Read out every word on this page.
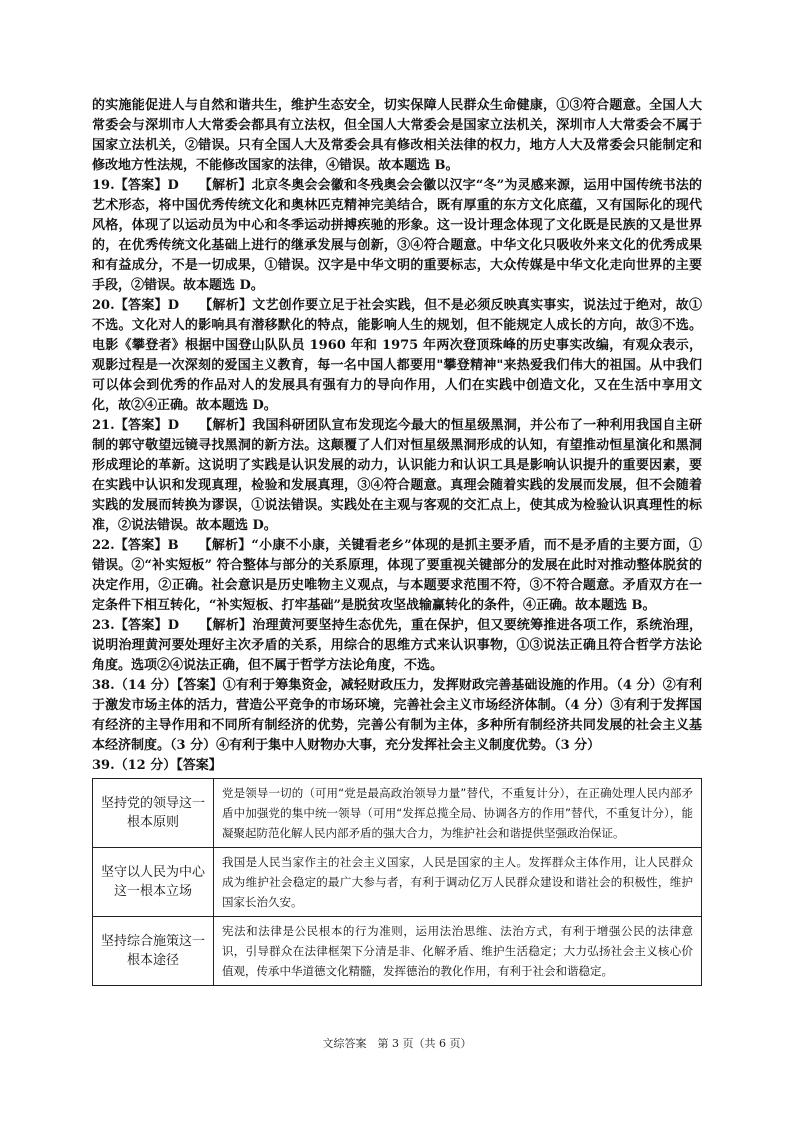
的实施能促进人与自然和谐共生，维护生态安全，切实保障人民群众生命健康，①③符合题意。全国人大常委会与深圳市人大常委会都具有立法权，但全国人大常委会是国家立法机关，深圳市人大常委会不属于国家立法机关，②错误。只有全国人大及常委会具有修改相关法律的权力，地方人大及常委会只能制定和修改地方性法规，不能修改国家的法律，④错误。故本题选 B。

19.【答案】D　　【解析】北京冬奥会会徽和冬残奥会会徽以汉字“冬”为灵感来源，运用中国传统书法的艺术形态，将中国优秀传统文化和奥林匹克精神完美结合，既有厚重的东方文化底蕴，又有国际化的现代风格，体现了以运动员为中心和冬季运动拼搏疾驰的形象。这一设计理念体现了文化既是民族的又是世界的，在优秀传统文化基础上进行的继承发展与创新，③④符合题意。中华文化只吸收外来文化的优秀成果和有益成分，不是一切成果，①错误。汉字是中华文明的重要标志，大众传媒是中华文化走向世界的主要手段，②错误。故本题选 D。

20.【答案】D　　【解析】文艺创作要立足于社会实践，但不是必须反映真实事实，说法过于绝对，故①不选。文化对人的影响具有潜移默化的特点，能影响人生的规划，但不能规定人成长的方向，故③不选。电影《攀登者》根据中国登山队队员 1960 年和 1975 年两次登顶珠峰的历史事实改编，有观众表示，观影过程是一次深刻的爱国主义教育，每一名中国人都要用"攀登精神"来热爱我们伟大的祖国。从中我们可以体会到优秀的作品对人的发展具有强有力的导向作用，人们在实践中创造文化，又在生活中享用文化，故②④正确。故本题选 D。

21.【答案】D　　【解析】我国科研团队宣布发现迄今最大的恒星级黑洞，并公布了一种利用我国自主研制的郭守敬望远镜寻找黑洞的新方法。这颠覆了人们对恒星级黑洞形成的认知，有望推动恒星演化和黑洞形成理论的革新。这说明了实践是认识发展的动力，认识能力和认识工具是影响认识提升的重要因素，要在实践中认识和发现真理，检验和发展真理，③④符合题意。真理会随着实践的发展而发展，但不会随着实践的发展而转换为谬误，①说法错误。实践处在主观与客观的交汇点上，使其成为检验认识真理性的标准，②说法错误。故本题选 D。

22.【答案】B　　【解析】“小康不小康，关键看老乡”体现的是抓主要矛盾，而不是矛盾的主要方面，①错误。②“补实短板” 符合整体与部分的关系原理，体现了要重视关键部分的发展在此时对推动整体脱贫的决定作用，②正确。社会意识是历史唯物主义观点，与本题要求范围不符，③不符合题意。矛盾双方在一定条件下相互转化，“补实短板、打牢基础”是脱贫攻坚战输赢转化的条件，④正确。故本题选 B。

23.【答案】D　　【解析】治理黄河要坚持生态优先，重在保护，但又要统筹推进各项工作，系统治理，说明治理黄河要处理好主次矛盾的关系，用综合的思维方式来认识事物，①③说法正确且符合哲学方法论角度。选项②④说法正确，但不属于哲学方法论角度，不选。

38.（14 分）【答案】①有利于筹集资金，减轻财政压力，发挥财政完善基础设施的作用。（4 分）②有利于激发市场主体的活力，营造公平竞争的市场环境，完善社会主义市场经济体制。（4 分）③有利于发挥国有经济的主导作用和不同所有制经济的优势，完善公有制为主体，多种所有制经济共同发展的社会主义基本经济制度。（3 分）④有利于集中人财物办大事，充分发挥社会主义制度优势。（3 分）

39.（12 分）【答案】

坚持党的领导这一根本原则	党是领导一切的（可用“党是最高政治领导力量”替代，不重复计分），在正确处理人民内部矛盾中加强党的集中统一领导（可用“发挥总揽全局、协调各方的作用”替代，不重复计分），能凝聚起防范化解人民内部矛盾的强大合力，为维护社会和谐提供坚强政治保证。
坚守以人民为中心这一根本立场	我国是人民当家作主的社会主义国家，人民是国家的主人。发挥群众主体作用，让人民群众成为维护社会稳定的最广大参与者，有利于调动亿万人民群众建设和谐社会的积极性，维护国家长治久安。
坚持综合施策这一根本途径	宪法和法律是公民根本的行为准则，运用法治思维、法治方式，有利于增强公民的法律意识，引导群众在法律框架下分清是非、化解矛盾、维护生活稳定；大力弘扬社会主义核心价值观，传承中华道德文化精髓，发挥德治的教化作用，有利于社会和谐稳定。
文综答案　第 3 页（共 6 页）
